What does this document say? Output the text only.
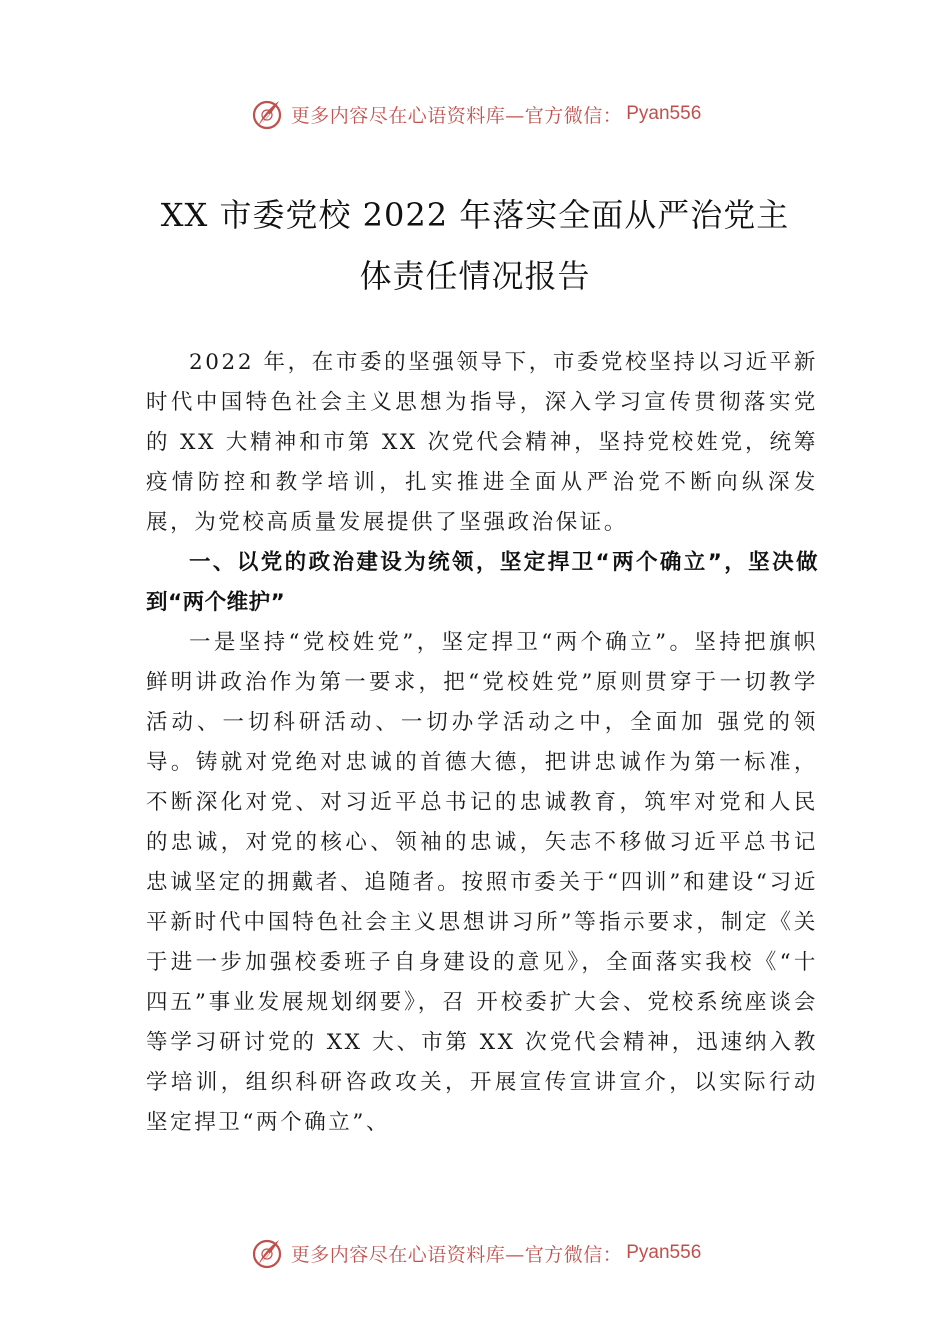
更多内容尽在心语资料库—官方微信： Pyan556
XX 市委党校 2022 年落实全面从严治党主
体责任情况报告

2022 年，在市委的坚强领导下，市委党校坚持以习近平新时代中国特色社会主义思想为指导，深入学习宣传贯彻落实党的 XX 大精神和市第 XX 次党代会精神，坚持党校姓党，统筹疫情防控和教学培训，扎实推进全面从严治党不断向纵深发展，为党校高质量发展提供了坚强政治保证。

一、以党的政治建设为统领，坚定捍卫“两个确立”，坚决做到“两个维护”

一是坚持“党校姓党”，坚定捍卫“两个确立”。坚持把旗帜鲜明讲政治作为第一要求，把“党校姓党”原则贯穿于一切教学活动、一切科研活动、一切办学活动之中，全面加 强党的领导。铸就对党绝对忠诚的首德大德，把讲忠诚作为第一标准，不断深化对党、对习近平总书记的忠诚教育，筑牢对党和人民的忠诚，对党的核心、领袖的忠诚，矢志不移做习近平总书记忠诚坚定的拥戴者、追随者。按照市委关于“四训”和建设“习近平新时代中国特色社会主义思想讲习所”等指示要求，制定《关于进一步加强校委班子自身建设的意见》，全面落实我校《“十四五”事业发展规划纲要》，召 开校委扩大会、党校系统座谈会等学习研讨党的 XX 大、市第 XX 次党代会精神，迅速纳入教学培训，组织科研咨政攻关，开展宣传宣讲宣介，以实际行动坚定捍卫“两个确立”、

更多内容尽在心语资料库—官方微信： Pyan556
